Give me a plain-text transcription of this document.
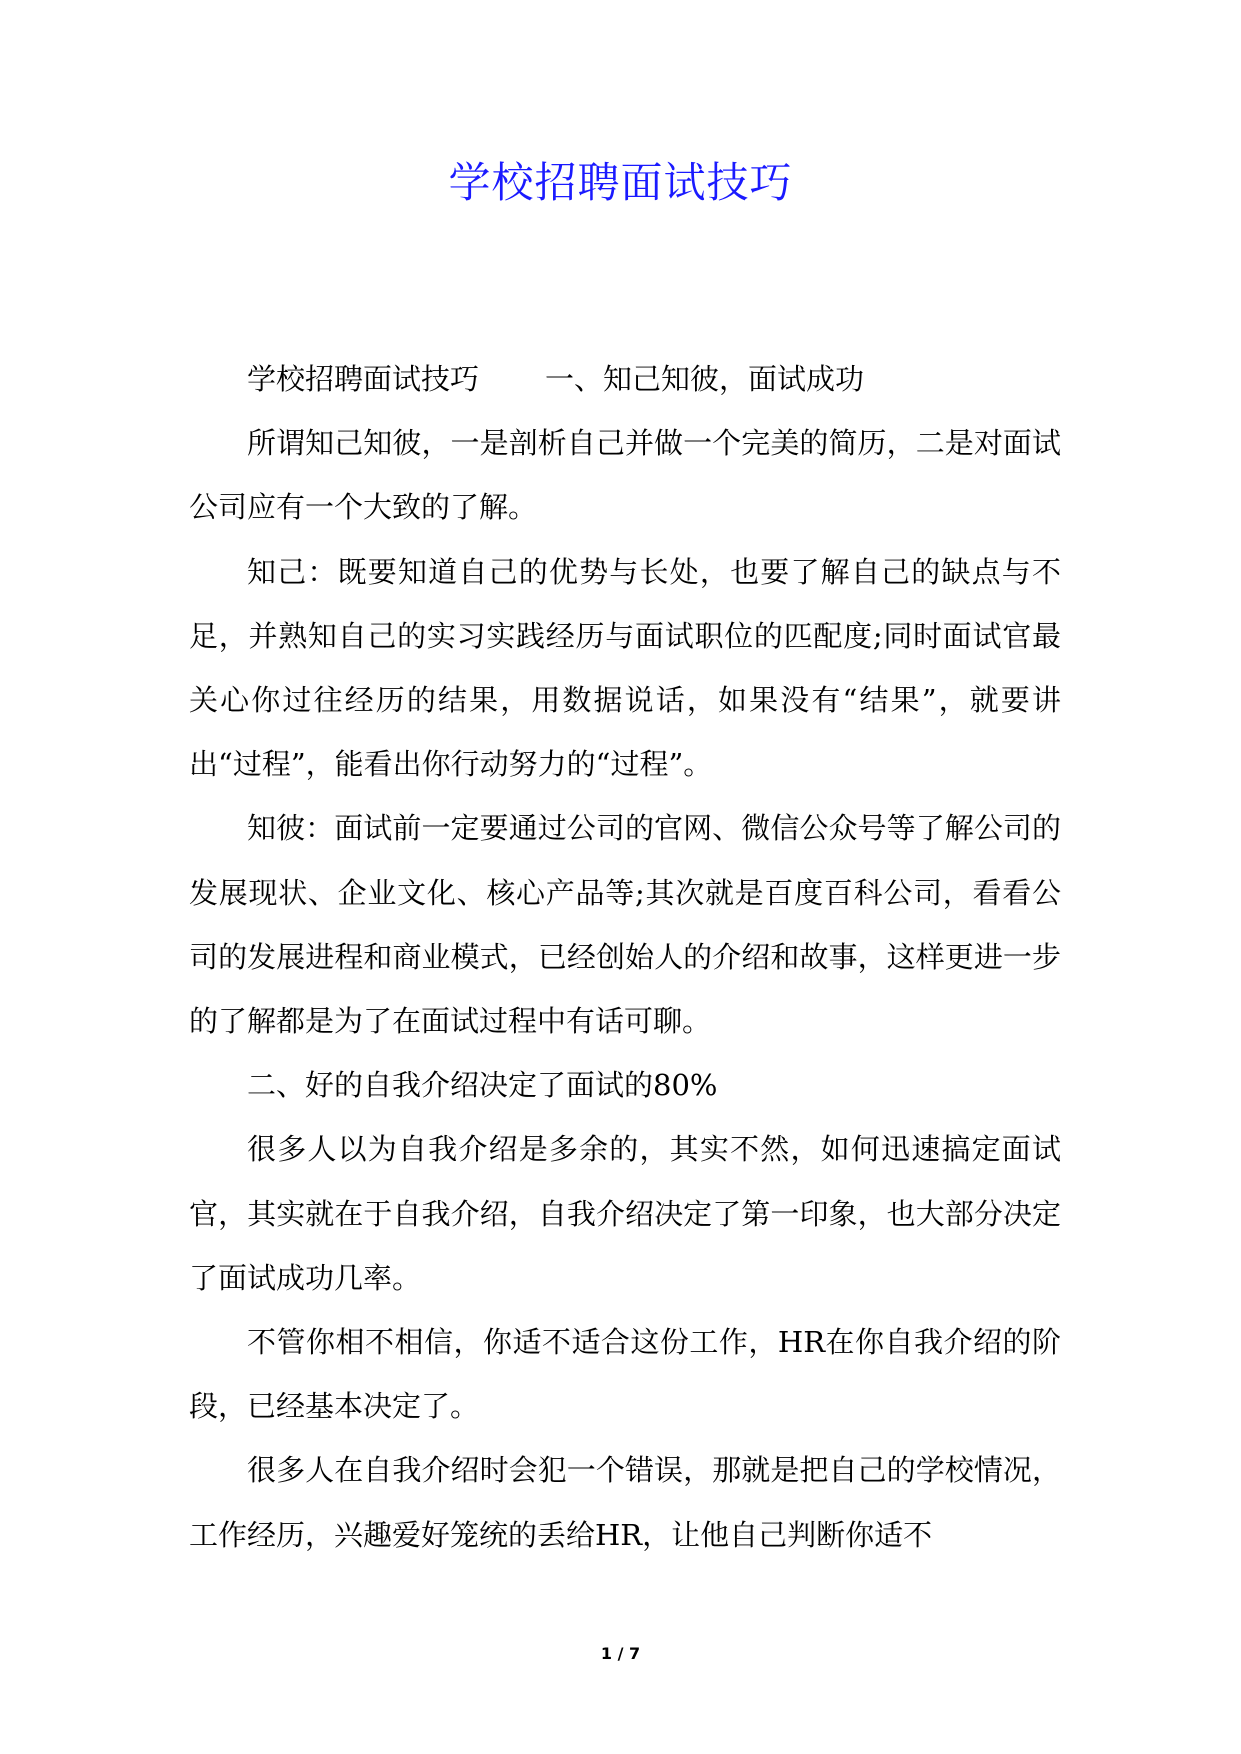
学校招聘面试技巧

学校招聘面试技巧 一、知己知彼，面试成功

所谓知己知彼，一是剖析自己并做一个完美的简历，二是对面试公司应有一个大致的了解。

知己：既要知道自己的优势与长处，也要了解自己的缺点与不足，并熟知自己的实习实践经历与面试职位的匹配度;同时面试官最关心你过往经历的结果，用数据说话，如果没有“结果”，就要讲出“过程”，能看出你行动努力的“过程”。

知彼：面试前一定要通过公司的官网、微信公众号等了解公司的发展现状、企业文化、核心产品等;其次就是百度百科公司，看看公司的发展进程和商业模式，已经创始人的介绍和故事，这样更进一步的了解都是为了在面试过程中有话可聊。

二、好的自我介绍决定了面试的80%

很多人以为自我介绍是多余的，其实不然，如何迅速搞定面试官，其实就在于自我介绍，自我介绍决定了第一印象，也大部分决定了面试成功几率。

不管你相不相信，你适不适合这份工作，HR在你自我介绍的阶段，已经基本决定了。

很多人在自我介绍时会犯一个错误，那就是把自己的学校情况，工作经历，兴趣爱好笼统的丢给HR，让他自己判断你适不

1 / 7
